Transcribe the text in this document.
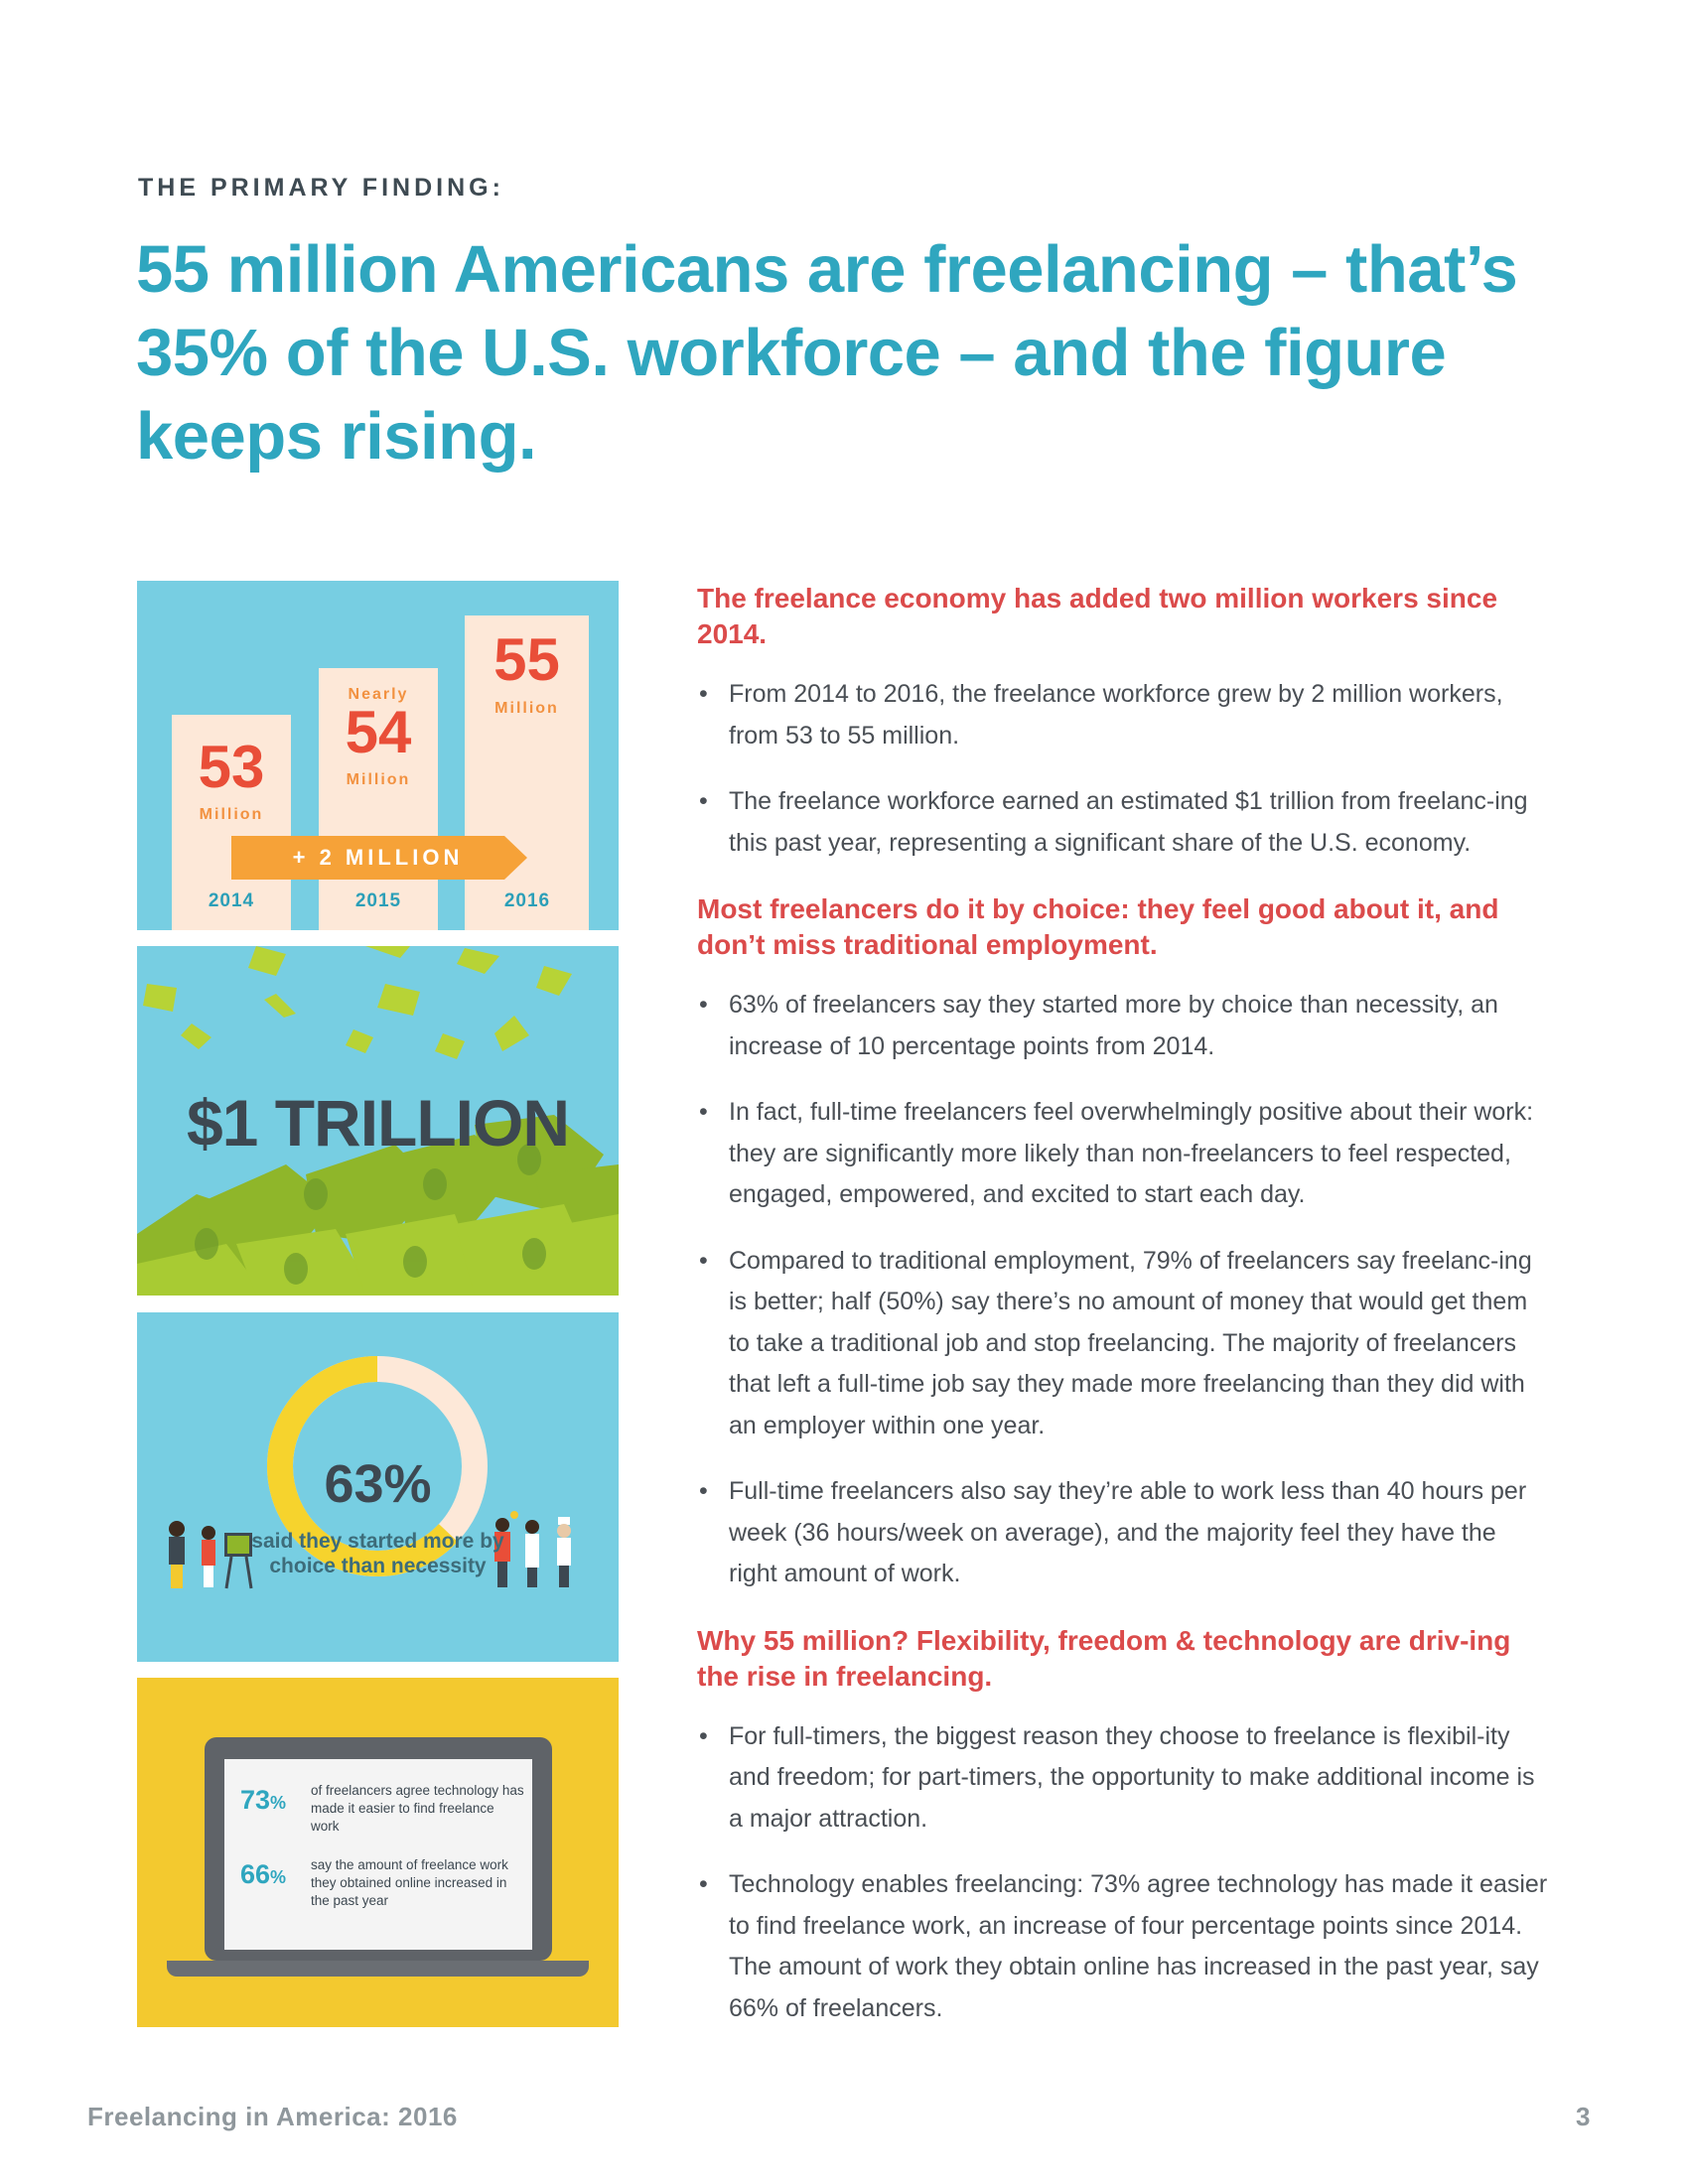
THE PRIMARY FINDING:
55 million Americans are freelancing – that’s 35% of the U.S. workforce – and the figure keeps rising.
53
Million
Nearly
54
Million
55
Million
+ 2 MILLION
2014	2015	2016
$1 TRILLION
63%
said they started more by choice than necessity
73%
of freelancers agree technology has made it easier to find freelance work
66%
say the amount of freelance work they obtained online increased in the past year
The freelance economy has added two million workers since 2014.
• From 2014 to 2016, the freelance workforce grew by 2 million workers, from 53 to 55 million.
• The freelance workforce earned an estimated $1 trillion from freelanc-ing this past year, representing a significant share of the U.S. economy.
Most freelancers do it by choice: they feel good about it, and don’t miss traditional employment.
• 63% of freelancers say they started more by choice than necessity, an increase of 10 percentage points from 2014.
• In fact, full-time freelancers feel overwhelmingly positive about their work: they are significantly more likely than non-freelancers to feel respected, engaged, empowered, and excited to start each day.
• Compared to traditional employment, 79% of freelancers say freelanc-ing is better; half (50%) say there’s no amount of money that would get them to take a traditional job and stop freelancing. The majority of freelancers that left a full-time job say they made more freelancing than they did with an employer within one year.
• Full-time freelancers also say they’re able to work less than 40 hours per week (36 hours/week on average), and the majority feel they have the right amount of work.
Why 55 million? Flexibility, freedom & technology are driv-ing the rise in freelancing.
• For full-timers, the biggest reason they choose to freelance is flexibil-ity and freedom; for part-timers, the opportunity to make additional income is a major attraction.
• Technology enables freelancing: 73% agree technology has made it easier to find freelance work, an increase of four percentage points since 2014. The amount of work they obtain online has increased in the past year, say 66% of freelancers.
Freelancing in America: 2016	3
